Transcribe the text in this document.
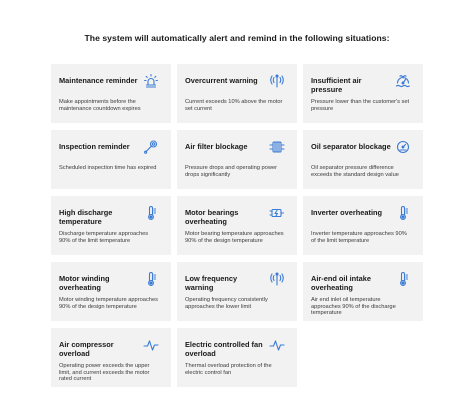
The system will automatically alert and remind in the following situations:
Maintenance reminder
Make appointments before the maintenance countdown expires
Overcurrent warning
Current exceeds 10% above the motor set current
Insufficient air pressure
Pressure lower than the customer's set pressure
Inspection reminder
Scheduled inspection time has expired
Air filter blockage
Pressure drops and operating power drops significantly
Oil separator blockage
Oil separator pressure difference exceeds the standard design value
High discharge temperature
Discharge temperature approaches 90% of the limit temperature
Motor bearings overheating
Motor bearing temperature approaches 90% of the design temperature
Inverter overheating
Inverter temperature approaches 90% of the limit temperature
Motor winding overheating
Motor winding temperature approaches 90% of the design temperature
Low frequency warning
Operating frequency consistently approaches the lower limit
Air-end oil intake overheating
Air end inlet oil temperature approaches 90% of the discharge temperature
Air compressor overload
Operating power exceeds the upper limit, and current exceeds the motor rated current
Electric controlled fan overload
Thermal overload protection of the electric control fan
